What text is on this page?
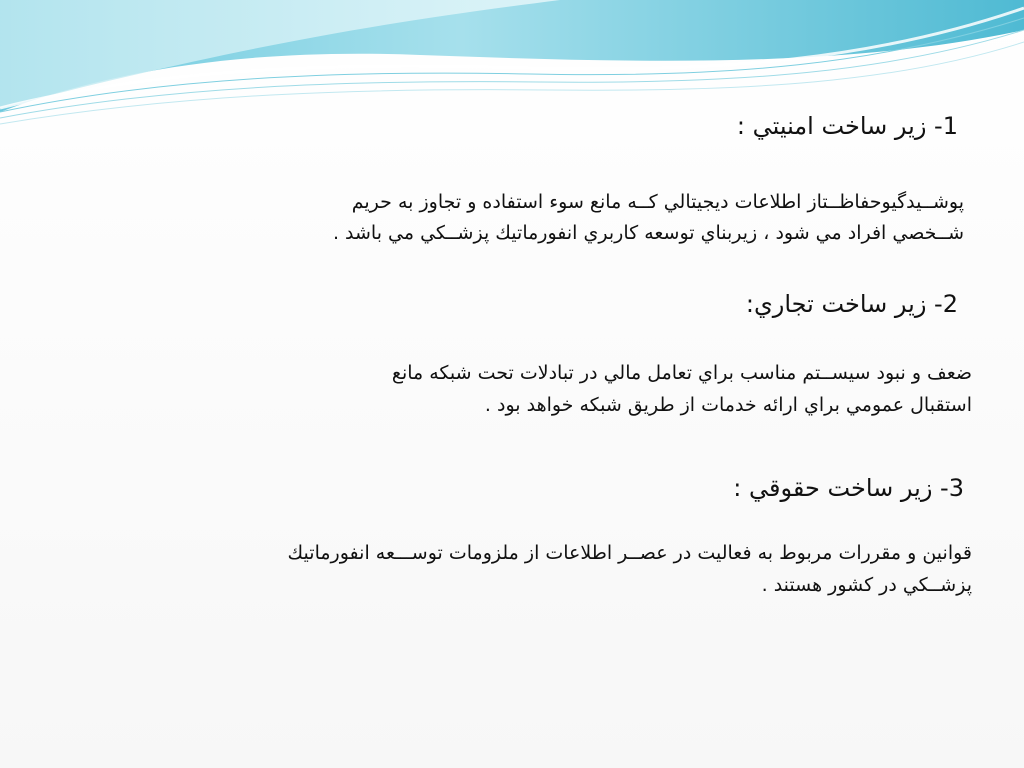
1- زير ساخت امنيتي :
پوشــيدگيوحفاظــتاز اطلاعات ديجيتالي كــه مانع سوء استفاده و تجاوز به حريم
شــخصي افراد مي شود ، زيربناي توسعه كاربري انفورماتيك پزشــكي مي باشد .
2- زير ساخت تجاري:
ضعف و نبود سيســتم مناسب براي تعامل مالي در تبادلات تحت شبكه مانع
استقبال عمومي براي ارائه خدمات از طريق شبكه خواهد بود .
3- زير ساخت حقوقي :
قوانين و مقررات مربوط به فعاليت در عصــر اطلاعات از ملزومات توســـعه انفورماتيك
پزشــكي در كشور هستند .
